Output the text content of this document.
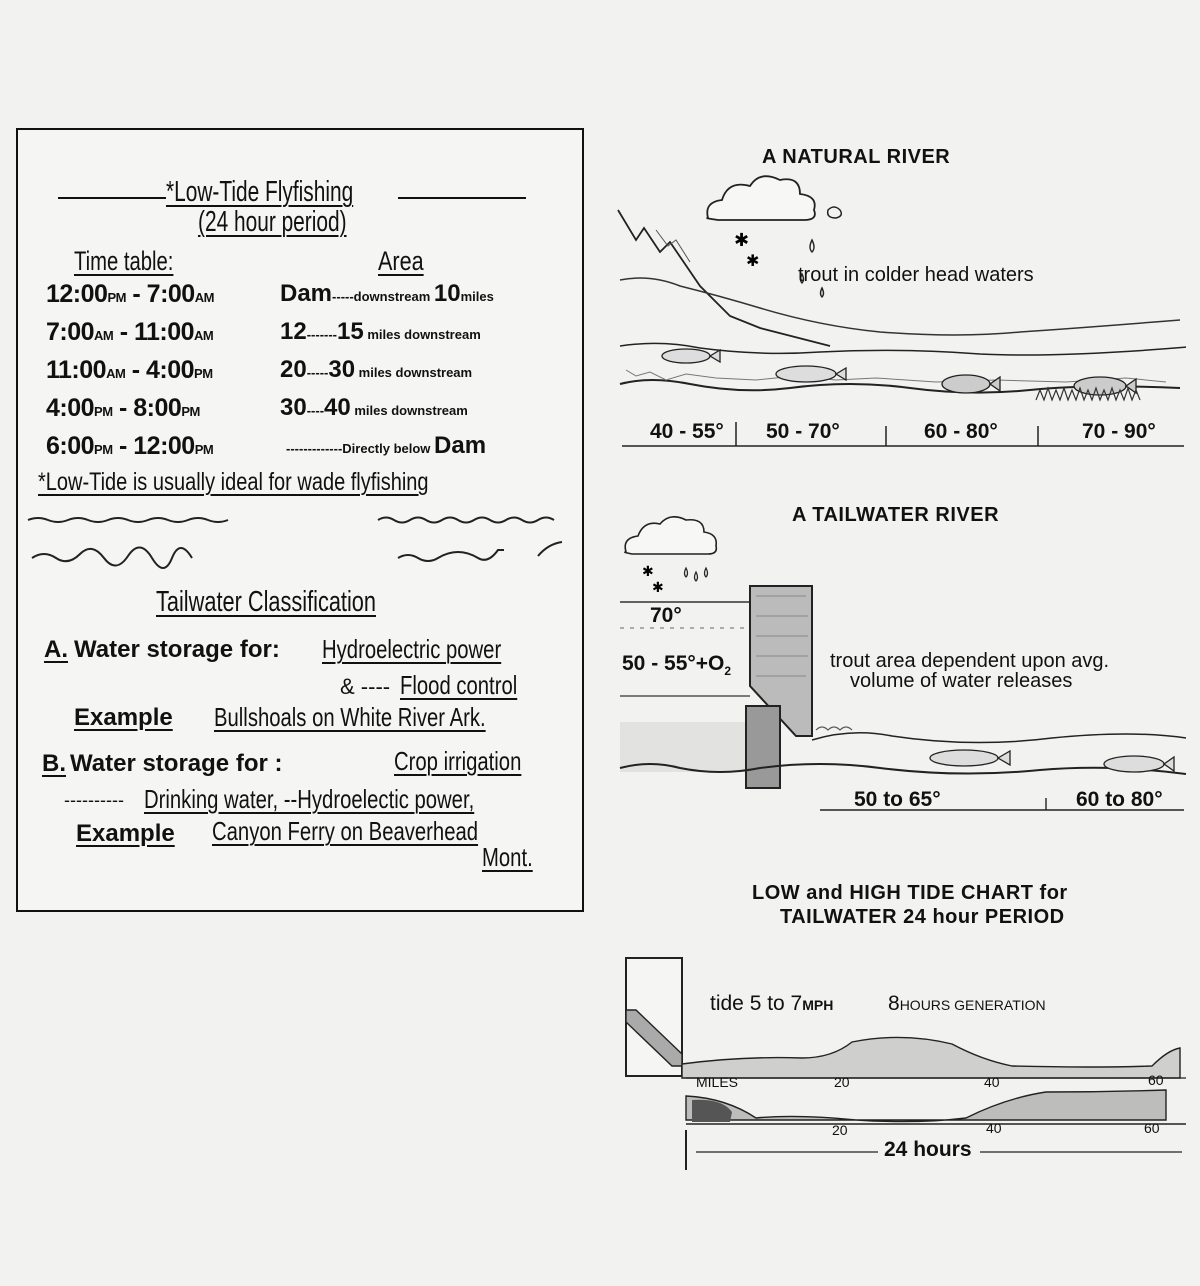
*Low-Tide Flyfishing
(24 hour period)
Time table:	Area
12:00PM - 7:00AM	Dam-----downstream 10miles
7:00AM - 11:00AM	12-------15 miles downstream
11:00AM - 4:00PM	20-----30 miles downstream
4:00PM - 8:00PM	30----40 miles downstream
6:00PM - 12:00PM	-------------Directly below Dam
*Low-Tide is usually ideal for wade flyfishing
Tailwater Classification
A. Water storage for: Hydroelectric power
& ---- Flood control
Example Bullshoals on White River Ark.
B. Water storage for :	Crop irrigation
---------- Drinking water, --Hydroelectic power,
Example Canyon Ferry on Beaverhead
Mont.
A NATURAL RIVER
✱
✱
trout in colder head waters
40 - 55° 50 - 70°	60 - 80°	70 - 90°
A TAILWATER RIVER
✱
✱
70°
$50 - 55^\circ+O_2$	trout area dependent upon avg.
volume of water releases
50 to 65°	60 to 80°
LOW and HIGH TIDE CHART for
TAILWATER 24 hour PERIOD
tide 5 to 7MPH	8HOURS GENERATION
MILES	20	40	60
20	40	60
24 hours
